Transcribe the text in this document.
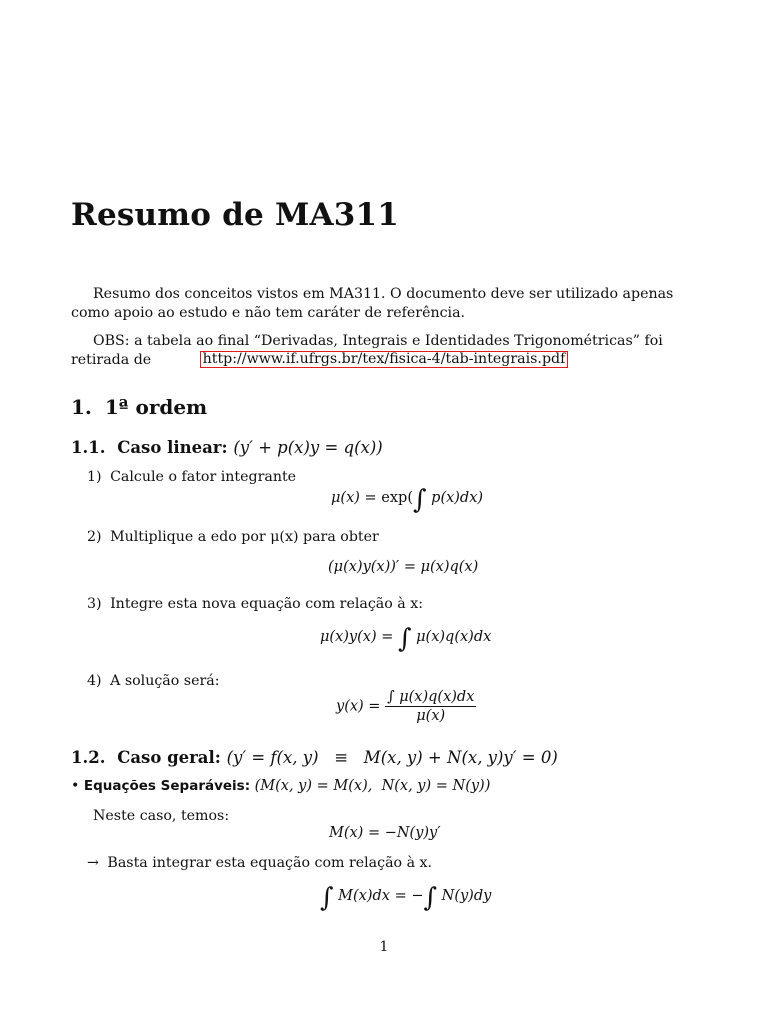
Resumo de MA311
Resumo dos conceitos vistos em MA311. O documento deve ser utilizado apenas como apoio ao estudo e não tem caráter de referência.
OBS: a tabela ao final “Derivadas, Integrais e Identidades Trigonométricas” foi retirada de	http://www.if.ufrgs.br/tex/fisica-4/tab-integrais.pdf
1. 1ª ordem
1.1. Caso linear: (y′ + p(x)y = q(x))
1) Calcule o fator integrante
μ(x) = exp(∫ p(x)dx)
2) Multiplique a edo por μ(x) para obter
(μ(x)y(x))′ = μ(x)q(x)
3) Integre esta nova equação com relação à x:
μ(x)y(x) = ∫ μ(x)q(x)dx
4) A solução será:
$y(x) = \frac{\int \mu(x)q(x)dx}{\mu(x)}$
1.2. Caso geral: (y′ = f(x, y)   ≡   M(x, y) + N(x, y)y′ = 0)
• Equações Separáveis: (M(x, y) = M(x),  N(x, y) = N(y))
Neste caso, temos:
M(x) = −N(y)y′
→ Basta integrar esta equação com relação à x.
∫ M(x)dx = −∫ N(y)dy
1
